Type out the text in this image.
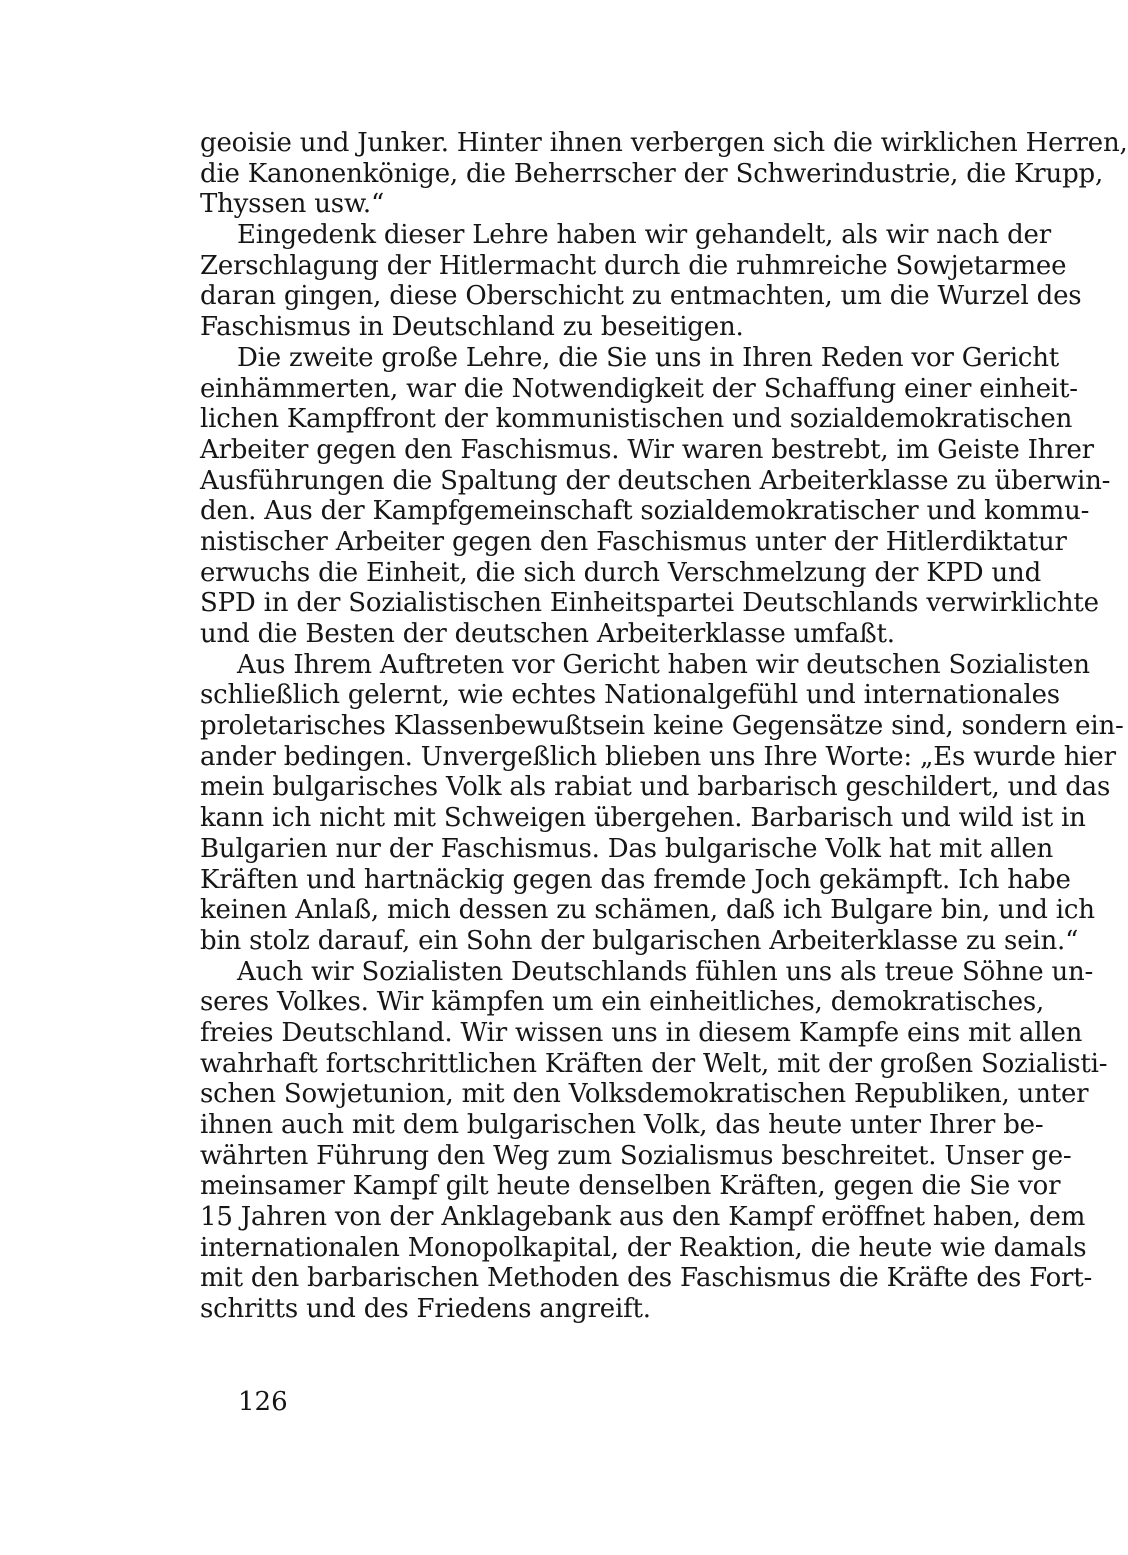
geoisie und Junker. Hinter ihnen verbergen sich die wirklichen Herren,
die Kanonenkönige, die Beherrscher der Schwerindustrie, die Krupp,
Thyssen usw.“
Eingedenk dieser Lehre haben wir gehandelt, als wir nach der
Zerschlagung der Hitlermacht durch die ruhmreiche Sowjetarmee
daran gingen, diese Oberschicht zu entmachten, um die Wurzel des
Faschismus in Deutschland zu beseitigen.
Die zweite große Lehre, die Sie uns in Ihren Reden vor Gericht
einhämmerten, war die Notwendigkeit der Schaffung einer einheit-
lichen Kampffront der kommunistischen und sozialdemokratischen
Arbeiter gegen den Faschismus. Wir waren bestrebt, im Geiste Ihrer
Ausführungen die Spaltung der deutschen Arbeiterklasse zu überwin-
den. Aus der Kampfgemeinschaft sozialdemokratischer und kommu-
nistischer Arbeiter gegen den Faschismus unter der Hitlerdiktatur
erwuchs die Einheit, die sich durch Verschmelzung der KPD und
SPD in der Sozialistischen Einheitspartei Deutschlands verwirklichte
und die Besten der deutschen Arbeiterklasse umfaßt.
Aus Ihrem Auftreten vor Gericht haben wir deutschen Sozialisten
schließlich gelernt, wie echtes Nationalgefühl und internationales
proletarisches Klassenbewußtsein keine Gegensätze sind, sondern ein-
ander bedingen. Unvergeßlich blieben uns Ihre Worte: „Es wurde hier
mein bulgarisches Volk als rabiat und barbarisch geschildert, und das
kann ich nicht mit Schweigen übergehen. Barbarisch und wild ist in
Bulgarien nur der Faschismus. Das bulgarische Volk hat mit allen
Kräften und hartnäckig gegen das fremde Joch gekämpft. Ich habe
keinen Anlaß, mich dessen zu schämen, daß ich Bulgare bin, und ich
bin stolz darauf, ein Sohn der bulgarischen Arbeiterklasse zu sein.“
Auch wir Sozialisten Deutschlands fühlen uns als treue Söhne un-
seres Volkes. Wir kämpfen um ein einheitliches, demokratisches,
freies Deutschland. Wir wissen uns in diesem Kampfe eins mit allen
wahrhaft fortschrittlichen Kräften der Welt, mit der großen Sozialisti-
schen Sowjetunion, mit den Volksdemokratischen Republiken, unter
ihnen auch mit dem bulgarischen Volk, das heute unter Ihrer be-
währten Führung den Weg zum Sozialismus beschreitet. Unser ge-
meinsamer Kampf gilt heute denselben Kräften, gegen die Sie vor
15 Jahren von der Anklagebank aus den Kampf eröffnet haben, dem
internationalen Monopolkapital, der Reaktion, die heute wie damals
mit den barbarischen Methoden des Faschismus die Kräfte des Fort-
schritts und des Friedens angreift.
126
